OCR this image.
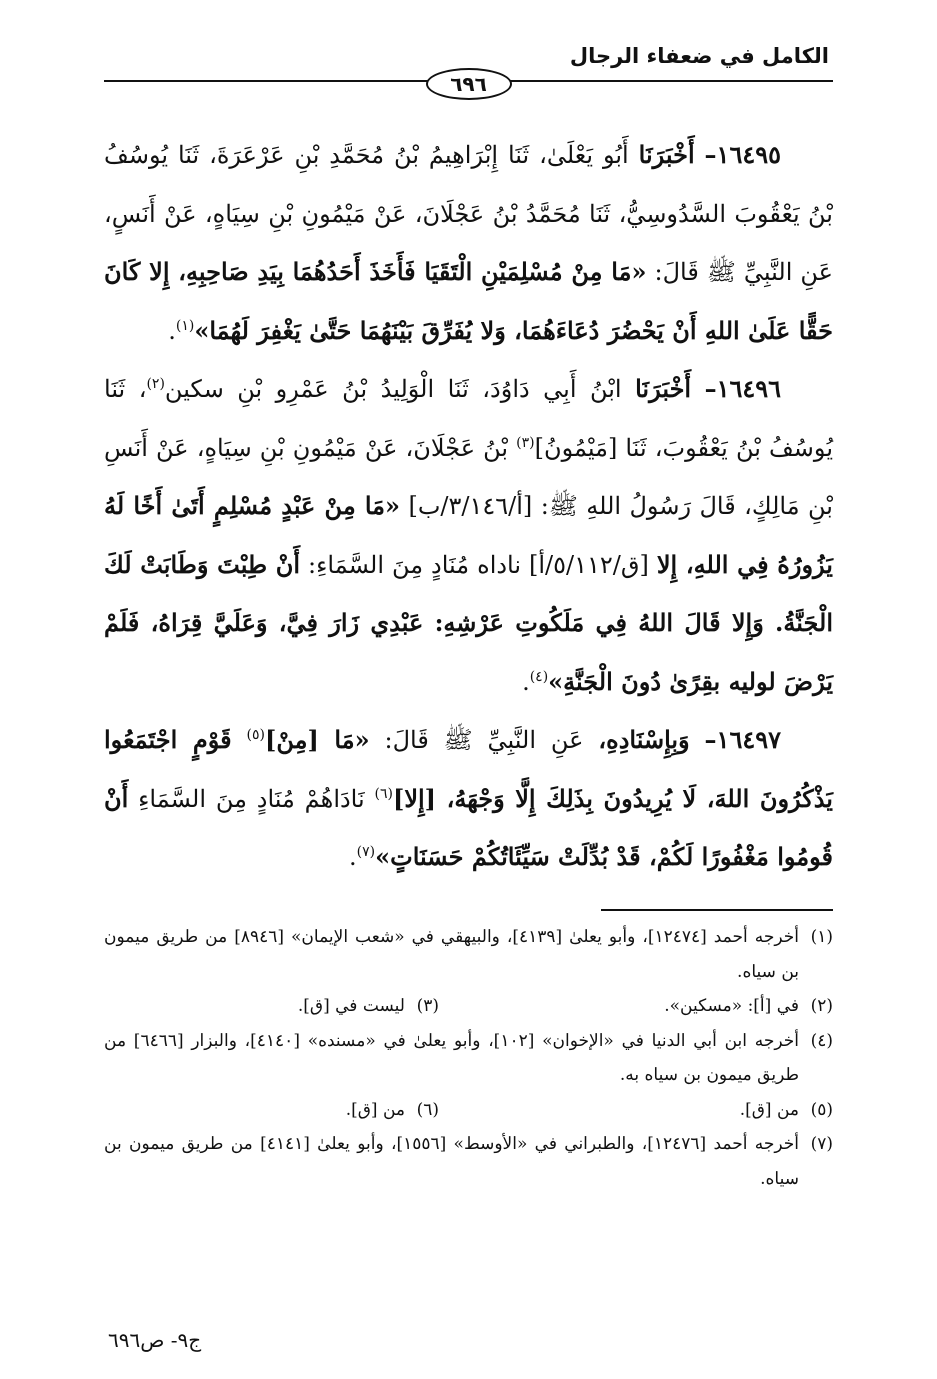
الكامل في ضعفاء الرجال
٦٩٦

١٦٤٩٥– أَخْبَرَنَا أَبُو يَعْلَىٰ، ثَنَا إِبْرَاهِيمُ بْنُ مُحَمَّدِ بْنِ عَرْعَرَةَ، ثَنَا يُوسُفُ بْنُ يَعْقُوبَ السَّدُوسِيُّ، ثَنَا مُحَمَّدُ بْنُ عَجْلَانَ، عَنْ مَيْمُونِ بْنِ سِيَاهٍ، عَنْ أَنَسٍ، عَنِ النَّبِيِّ ﷺ قَالَ: «مَا مِنْ مُسْلِمَيْنِ الْتَقَيَا فَأَخَذَ أَحَدُهُمَا بِيَدِ صَاحِبِهِ، إِلا كَانَ حَقًّا عَلَىٰ اللهِ أَنْ يَحْضُرَ دُعَاءَهُمَا، وَلا يُفَرِّقَ بَيْنَهُمَا حَتَّىٰ يَغْفِرَ لَهُمَا»$^{(١)}$.

١٦٤٩٦– أَخْبَرَنَا ابْنُ أَبِي دَاوُدَ، ثَنَا الْوَلِيدُ بْنُ عَمْرِو بْنِ سكين$^{(٢)}$، ثَنَا يُوسُفُ بْنُ يَعْقُوبَ، ثَنَا [مَيْمُونُ]$^{(٣)}$ بْنُ عَجْلَانَ، عَنْ مَيْمُونِ بْنِ سِيَاهٍ، عَنْ أَنَسِ بْنِ مَالِكٍ، قَالَ رَسُولُ اللهِ ﷺ: [أ/٣/١٤٦/ب] «مَا مِنْ عَبْدٍ مُسْلِمٍ أَتَىٰ أَخًا لَهُ يَزُورُهُ فِي اللهِ، إِلا [ق/٥/١١٢/أ] ناداه مُنَادٍ مِنَ السَّمَاءِ: أَنْ طِبْتَ وَطَابَتْ لَكَ الْجَنَّةُ. وَإِلا قَالَ اللهُ فِي مَلَكُوتِ عَرْشِهِ: عَبْدِي زَارَ فِيَّ، وَعَلَيَّ قِرَاهُ، فَلَمْ يَرْضَ لوليه بقِرًىٰ دُونَ الْجَنَّةِ»$^{(٤)}$.

١٦٤٩٧– وَبِإِسْنَادِهِ، عَنِ النَّبِيِّ ﷺ قَالَ: «مَا [مِنْ]$^{(٥)}$ قَوْمٍ اجْتَمَعُوا يَذْكُرُونَ اللهَ، لَا يُرِيدُونَ بِذَلِكَ إِلَّا وَجْهَهُ، [إِلا]$^{(٦)}$ نَادَاهُمْ مُنَادٍ مِنَ السَّمَاءِ أَنْ قُومُوا مَغْفُورًا لَكُمْ، قَدْ بُدِّلَتْ سَيِّئَاتُكُمْ حَسَنَاتٍ»$^{(٧)}$.

(١)أخرجه أحمد [١٢٤٧٤]، وأبو يعلىٰ [٤١٣٩]، والبيهقي في «شعب الإيمان» [٨٩٤٦] من طريق ميمون بن سياه.

(٢)في [أ]: «مسكين».

(٣)ليست في [ق].

(٤)أخرجه ابن أبي الدنيا في «الإخوان» [١٠٢]، وأبو يعلىٰ في «مسنده» [٤١٤٠]، والبزار [٦٤٦٦] من طريق ميمون بن سياه به.

(٥)من [ق].

(٦)من [ق].

(٧)أخرجه أحمد [١٢٤٧٦]، والطبراني في «الأوسط» [١٥٥٦]، وأبو يعلىٰ [٤١٤١] من طريق ميمون بن سياه.

ج٩- ص٦٩٦
